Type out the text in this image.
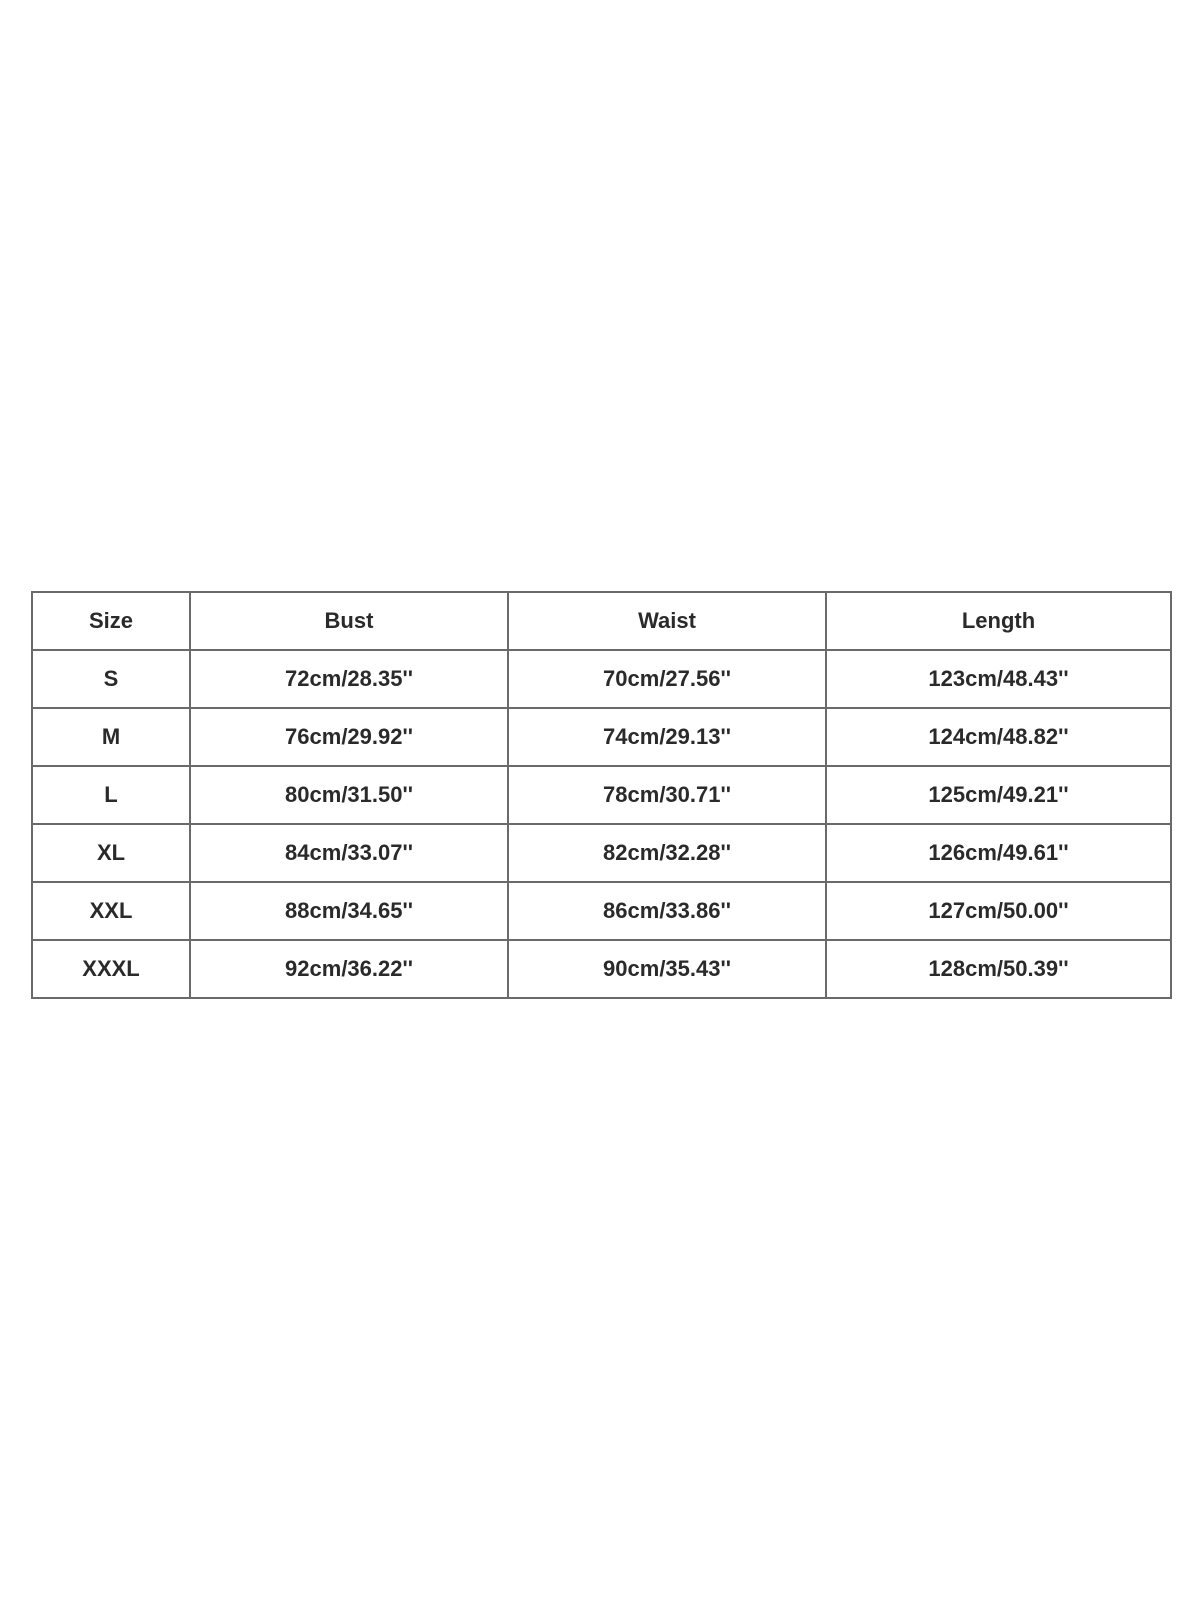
Size	Bust	Waist	Length
S	72cm/28.35''	70cm/27.56''	123cm/48.43''
M	76cm/29.92''	74cm/29.13''	124cm/48.82''
L	80cm/31.50''	78cm/30.71''	125cm/49.21''
XL	84cm/33.07''	82cm/32.28''	126cm/49.61''
XXL	88cm/34.65''	86cm/33.86''	127cm/50.00''
XXXL	92cm/36.22''	90cm/35.43''	128cm/50.39''
